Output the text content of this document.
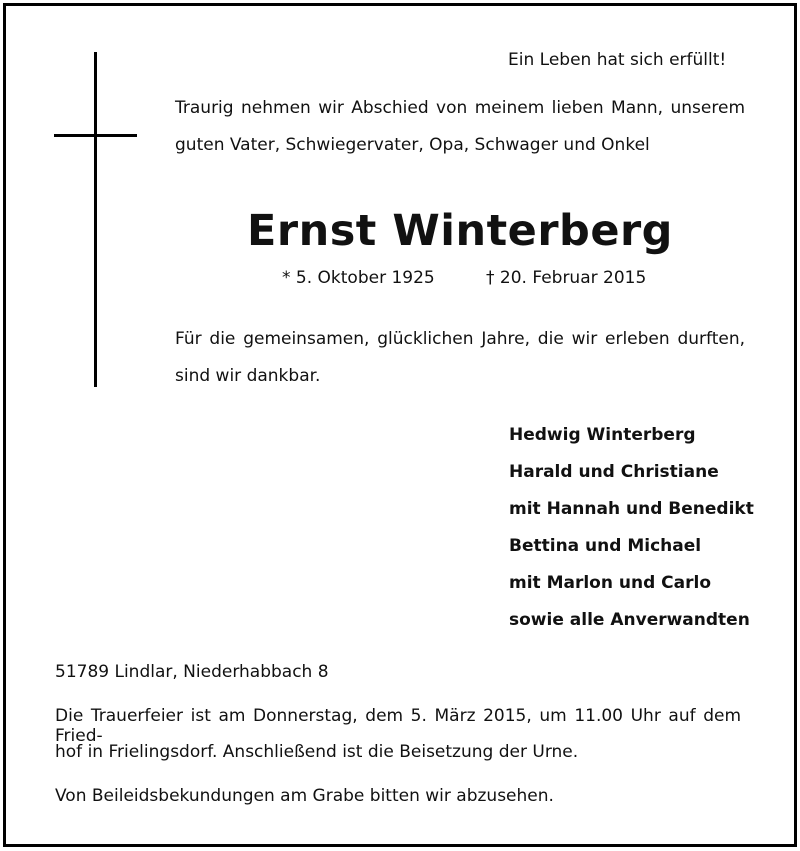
Ein Leben hat sich erfüllt!
Traurig nehmen wir Abschied von meinem lieben Mann, unserem
guten Vater, Schwiegervater, Opa, Schwager und Onkel
Ernst Winterberg
* 5. Oktober 1925	† 20. Februar 2015
Für die gemeinsamen, glücklichen Jahre, die wir erleben durften,
sind wir dankbar.
Hedwig Winterberg
Harald und Christiane
mit Hannah und Benedikt
Bettina und Michael
mit Marlon und Carlo
sowie alle Anverwandten
51789 Lindlar, Niederhabbach 8
Die Trauerfeier ist am Donnerstag, dem 5. März 2015, um 11.00 Uhr auf dem Fried-
hof in Frielingsdorf. Anschließend ist die Beisetzung der Urne.
Von Beileidsbekundungen am Grabe bitten wir abzusehen.
